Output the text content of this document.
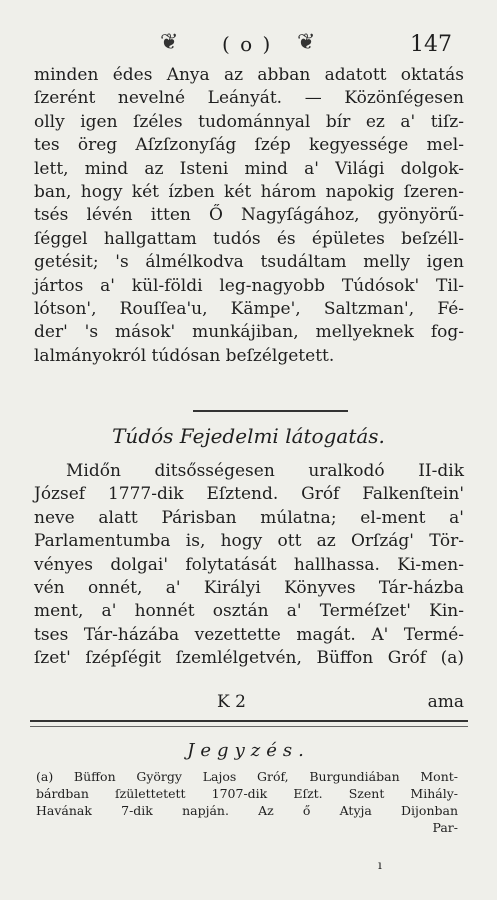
❦ ( o ) ❦	147
minden édes Anya az abban adatott oktatás
ſzerént nevelné Leányát. — Közönſégesen
olly igen ſzéles tudománnyal bír ez a' tiſz-
tes öreg Aſzſzonyſág ſzép kegyessége mel-
lett, mind az Isteni mind a' Világi dolgok-
ban, hogy két ízben két három napokig ſzeren-
tsés lévén itten Ő Nagyſágához, gyönyörű-
ſéggel hallgattam tudós és épületes beſzéll-
getésit; 's álmélkodva tsudáltam melly igen
jártos a' kül-földi leg-nagyobb Túdósok' Til-
lótson', Rouſſea'u, Kämpe', Saltzman', Fé-
der' 's mások' munkájiban, mellyeknek fog-
lalmányokról túdósan beſzélgetett.
Túdós Fejedelmi látogatás.
Midőn ditsősségesen uralkodó II-dik
József 1777-dik Eſztend. Gróf Falkenſtein'
neve alatt Párisban múlatna; el-ment a'
Parlamentumba is, hogy ott az Orſzág' Tör-
vényes dolgai' folytatását hallhassa. Ki-men-
vén onnét, a' Királyi Könyves Tár-házba
ment, a' honnét osztán a' Terméſzet' Kin-
tses Tár-házába vezettette magát. A' Termé-
ſzet' ſzépſégit ſzemlélgetvén, Büffon Gróf (a)
K 2	ama
Jegyzés.
(a) Büffon György Lajos Gróf, Burgundiában Mont-
bárdban ſzülettetett 1707-dik Eſzt. Szent Mihály-
Havának 7-dik napján. Az ő Atyja Dijonban
Par-
ı
